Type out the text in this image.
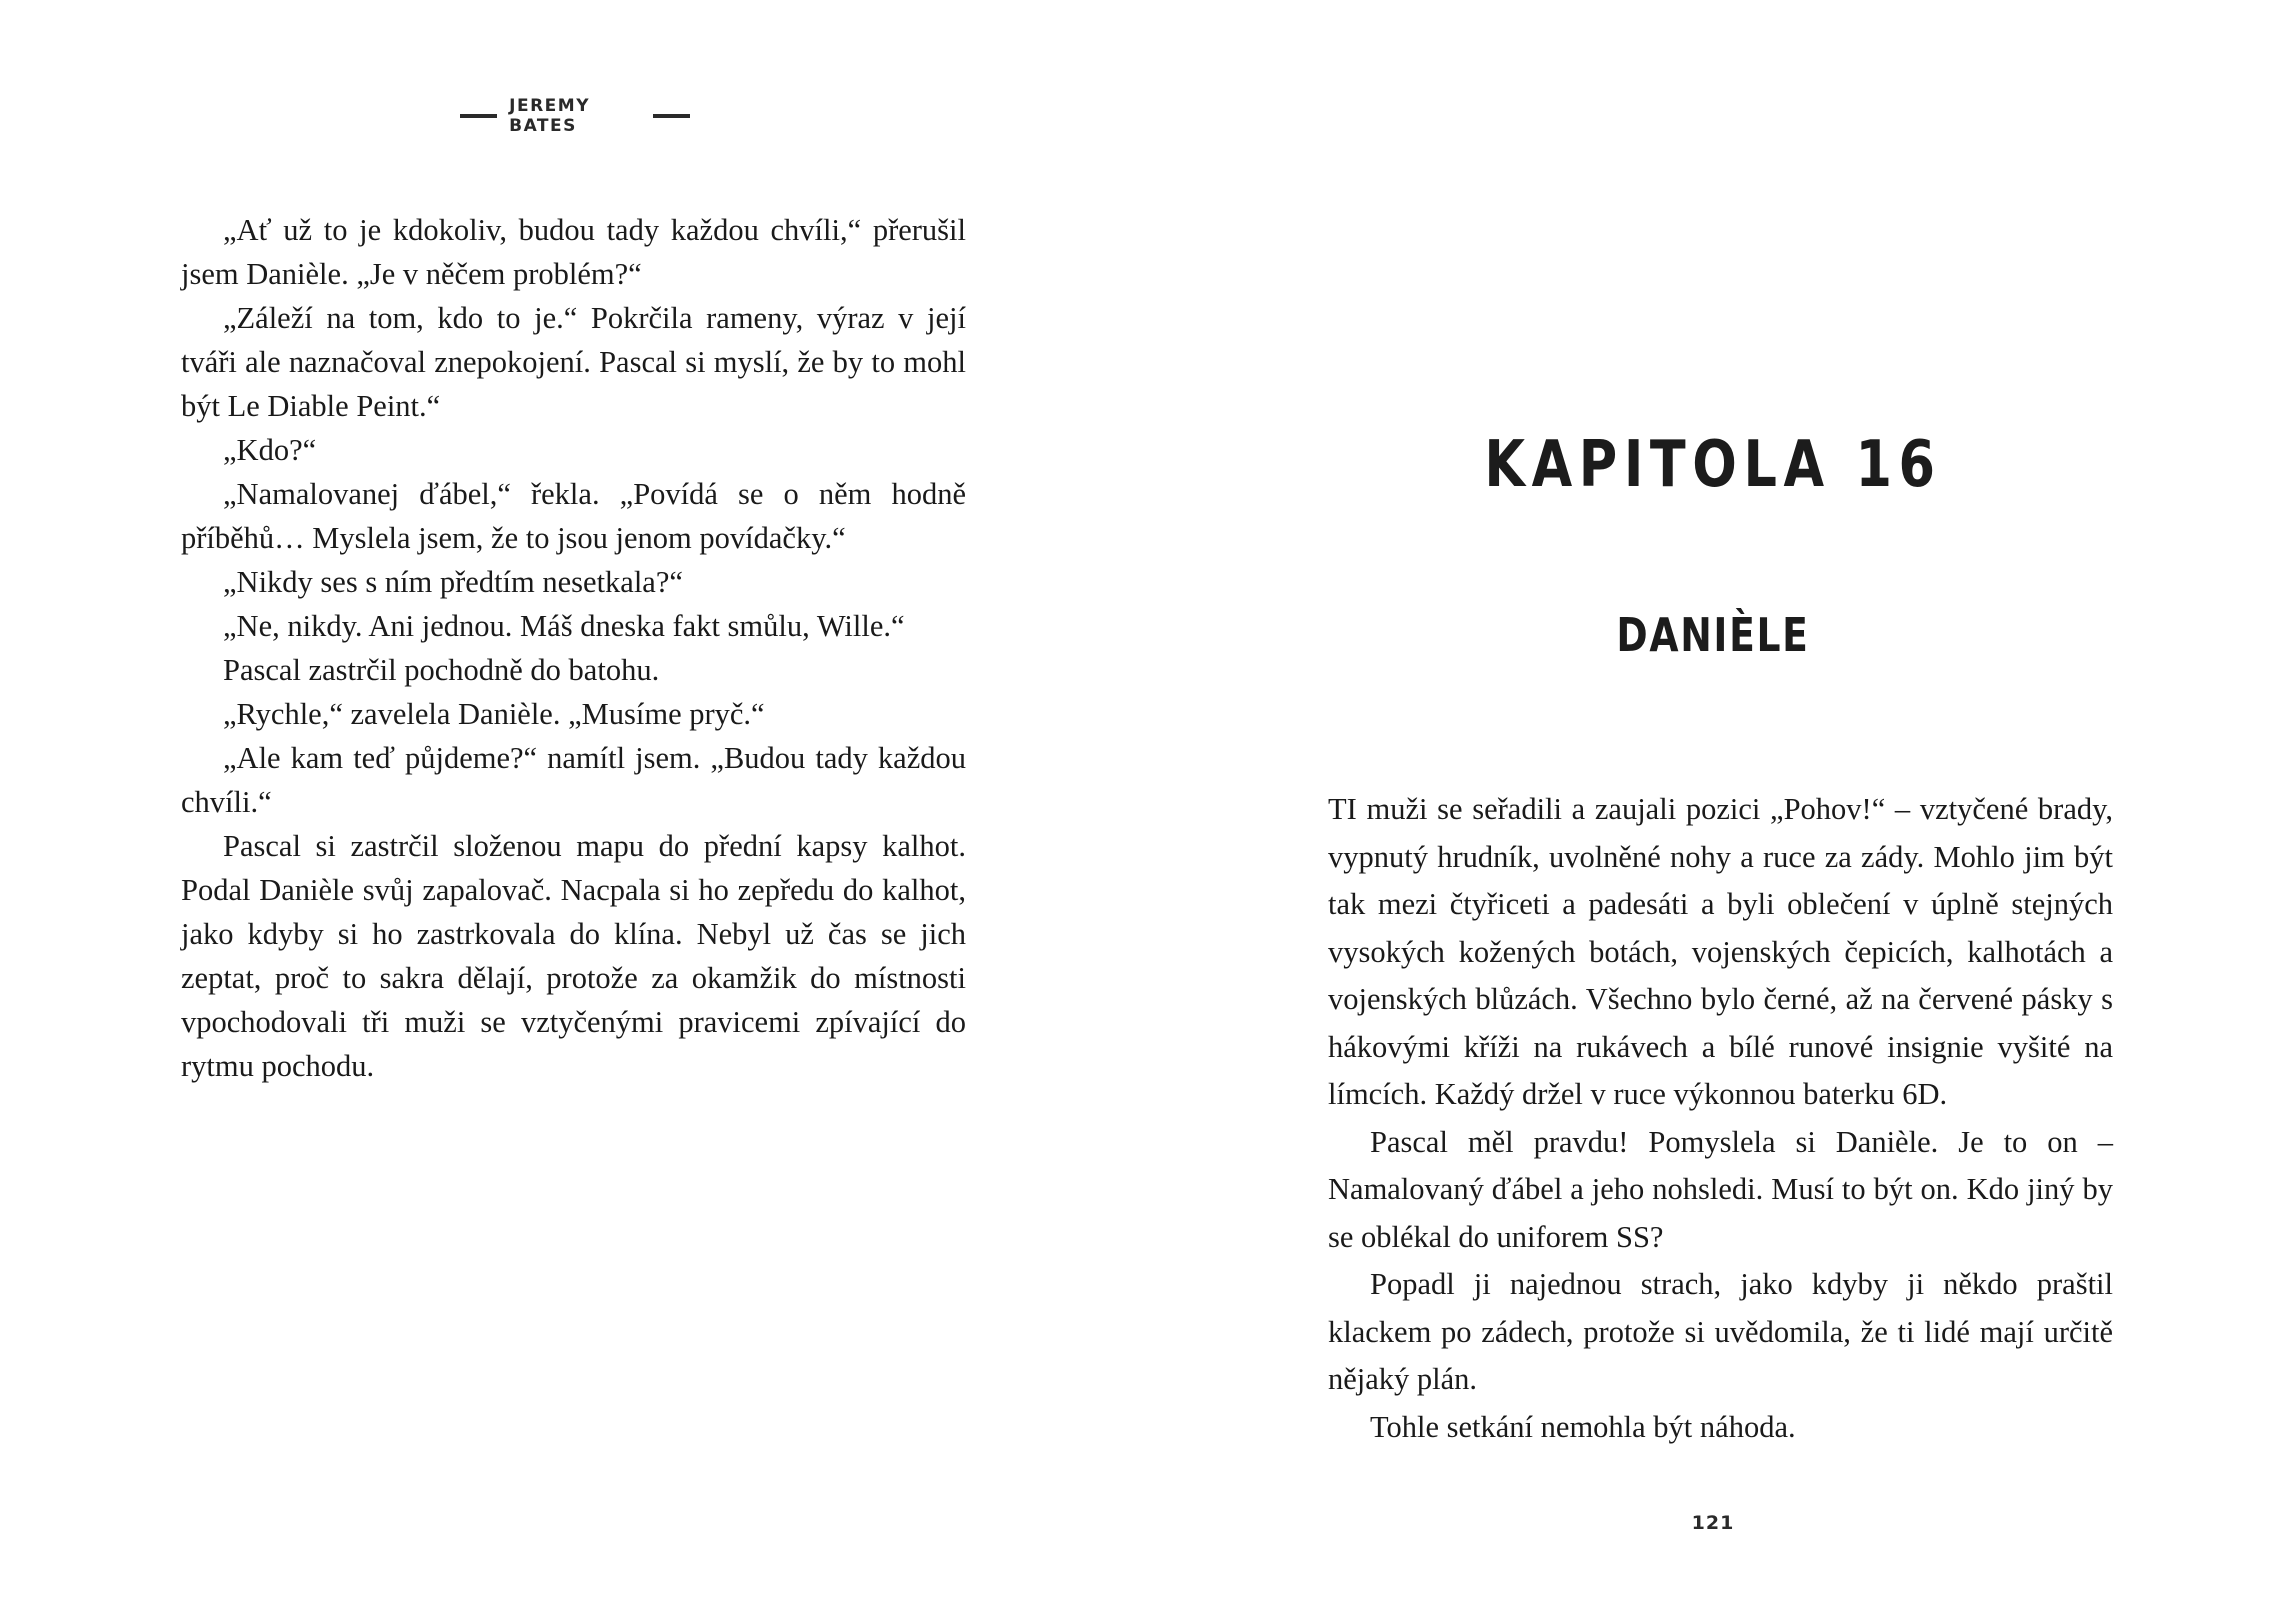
JEREMY BATES

„Ať už to je kdokoliv, budou tady každou chvíli,“ přerušil jsem Danièle. „Je v něčem problém?“

„Záleží na tom, kdo to je.“ Pokrčila rameny, výraz v její tváři ale naznačoval znepokojení. Pascal si myslí, že by to mohl být Le Diable Peint.“

„Kdo?“

„Namalovanej ďábel,“ řekla. „Povídá se o něm hodně příběhů… Myslela jsem, že to jsou jenom povídačky.“

„Nikdy ses s ním předtím nesetkala?“

„Ne, nikdy. Ani jednou. Máš dneska fakt smůlu, Wille.“

Pascal zastrčil pochodně do batohu.

„Rychle,“ zavelela Danièle. „Musíme pryč.“

„Ale kam teď půjdeme?“ namítl jsem. „Budou tady každou chvíli.“

Pascal si zastrčil složenou mapu do přední kapsy kalhot. Podal Danièle svůj zapalovač. Nacpala si ho zepředu do kalhot, jako kdyby si ho zastrkovala do klína. Nebyl už čas se jich zeptat, proč to sakra dělají, protože za okamžik do místnosti vpochodovali tři muži se vztyčenými pravicemi zpívající do rytmu pochodu.

KAPITOLA 16
DANIÈLE

TI muži se seřadili a zaujali pozici „Pohov!“ – vztyčené brady, vypnutý hrudník, uvolněné nohy a ruce za zády. Mohlo jim být tak mezi čtyřiceti a padesáti a byli oblečení v úplně stejných vysokých kožených botách, vojenských čepicích, kalhotách a vojenských blůzách. Všechno bylo černé, až na červené pásky s hákovými kříži na rukávech a bílé runové insignie vyšité na límcích. Každý držel v ruce výkonnou baterku 6D.

Pascal měl pravdu! Pomyslela si Danièle. Je to on – Namalovaný ďábel a jeho nohsledi. Musí to být on. Kdo jiný by se oblékal do uniforem SS?

Popadl ji najednou strach, jako kdyby ji někdo praštil klackem po zádech, protože si uvědomila, že ti lidé mají určitě nějaký plán.

Tohle setkání nemohla být náhoda.

121
